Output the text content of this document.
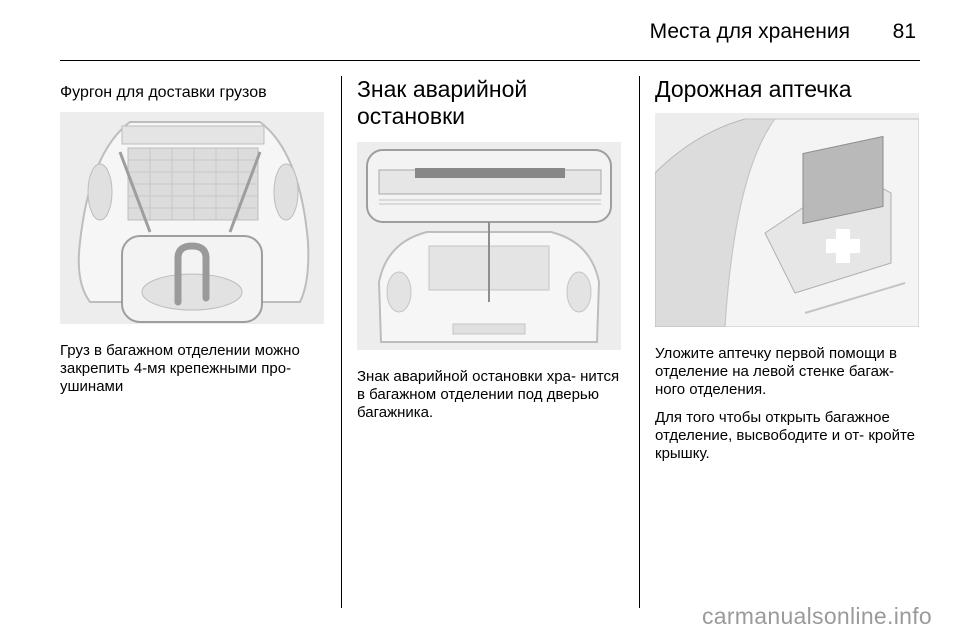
Места для хранения 81
Фургон для доставки грузов

Груз в багажном отделении можно закрепить 4-мя крепежными про- ушинами

Знак аварийной остановки

Знак аварийной остановки хра- нится в багажном отделении под дверью багажника.

Дорожная аптечка

Уложите аптечку первой помощи в отделение на левой стенке багаж- ного отделения.

Для того чтобы открыть багажное отделение, высвободите и от- кройте крышку.

carmanualsonline.info
